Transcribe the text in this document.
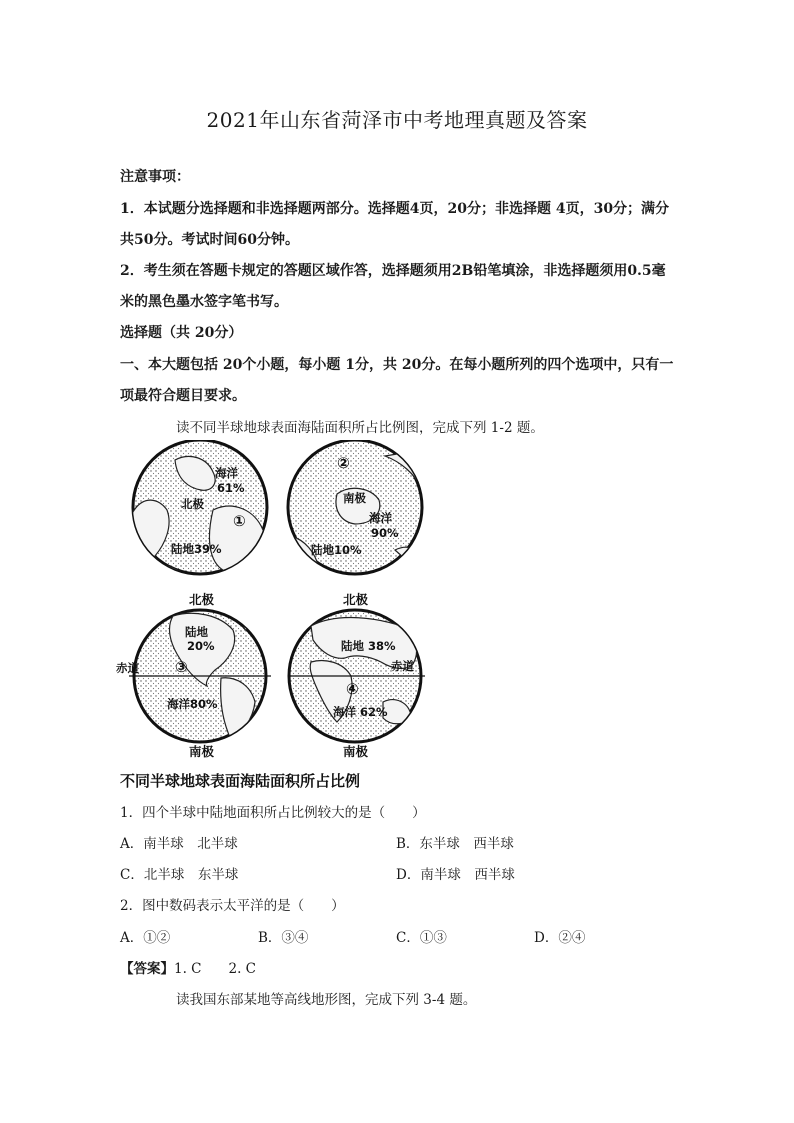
2021年山东省菏泽市中考地理真题及答案
注意事项：
1．本试题分选择题和非选择题两部分。选择题4页，20分；非选择题 4页，30分；满分
共50分。考试时间60分钟。
2．考生须在答题卡规定的答题区域作答，选择题须用2B铅笔填涂，非选择题须用0.5毫
米的黑色墨水签字笔书写。
选择题（共 20分）
一、本大题包括 20个小题，每小题 1分，共 20分。在每小题所列的四个选项中，只有一
项最符合题目要求。
读不同半球地球表面海陆面积所占比例图，完成下列 1-2 题。
海洋
61%
北极
①
陆地39%
②
南极
海洋
90%
陆地10%
北极
陆地
20%
赤道 ③
海洋80%
南极
北极
陆地 38%
赤道
④
海洋 62%
南极
不同半球地球表面海陆面积所占比例
1．四个半球中陆地面积所占比例较大的是（　　）
A．南半球　北半球	B．东半球　西半球
C．北半球　东半球	D．南半球　西半球
2．图中数码表示太平洋的是（　　）
A．①②	B．③④	C．①③	D．②④
【答案】1. C　　2. C
读我国东部某地等高线地形图，完成下列 3-4 题。
